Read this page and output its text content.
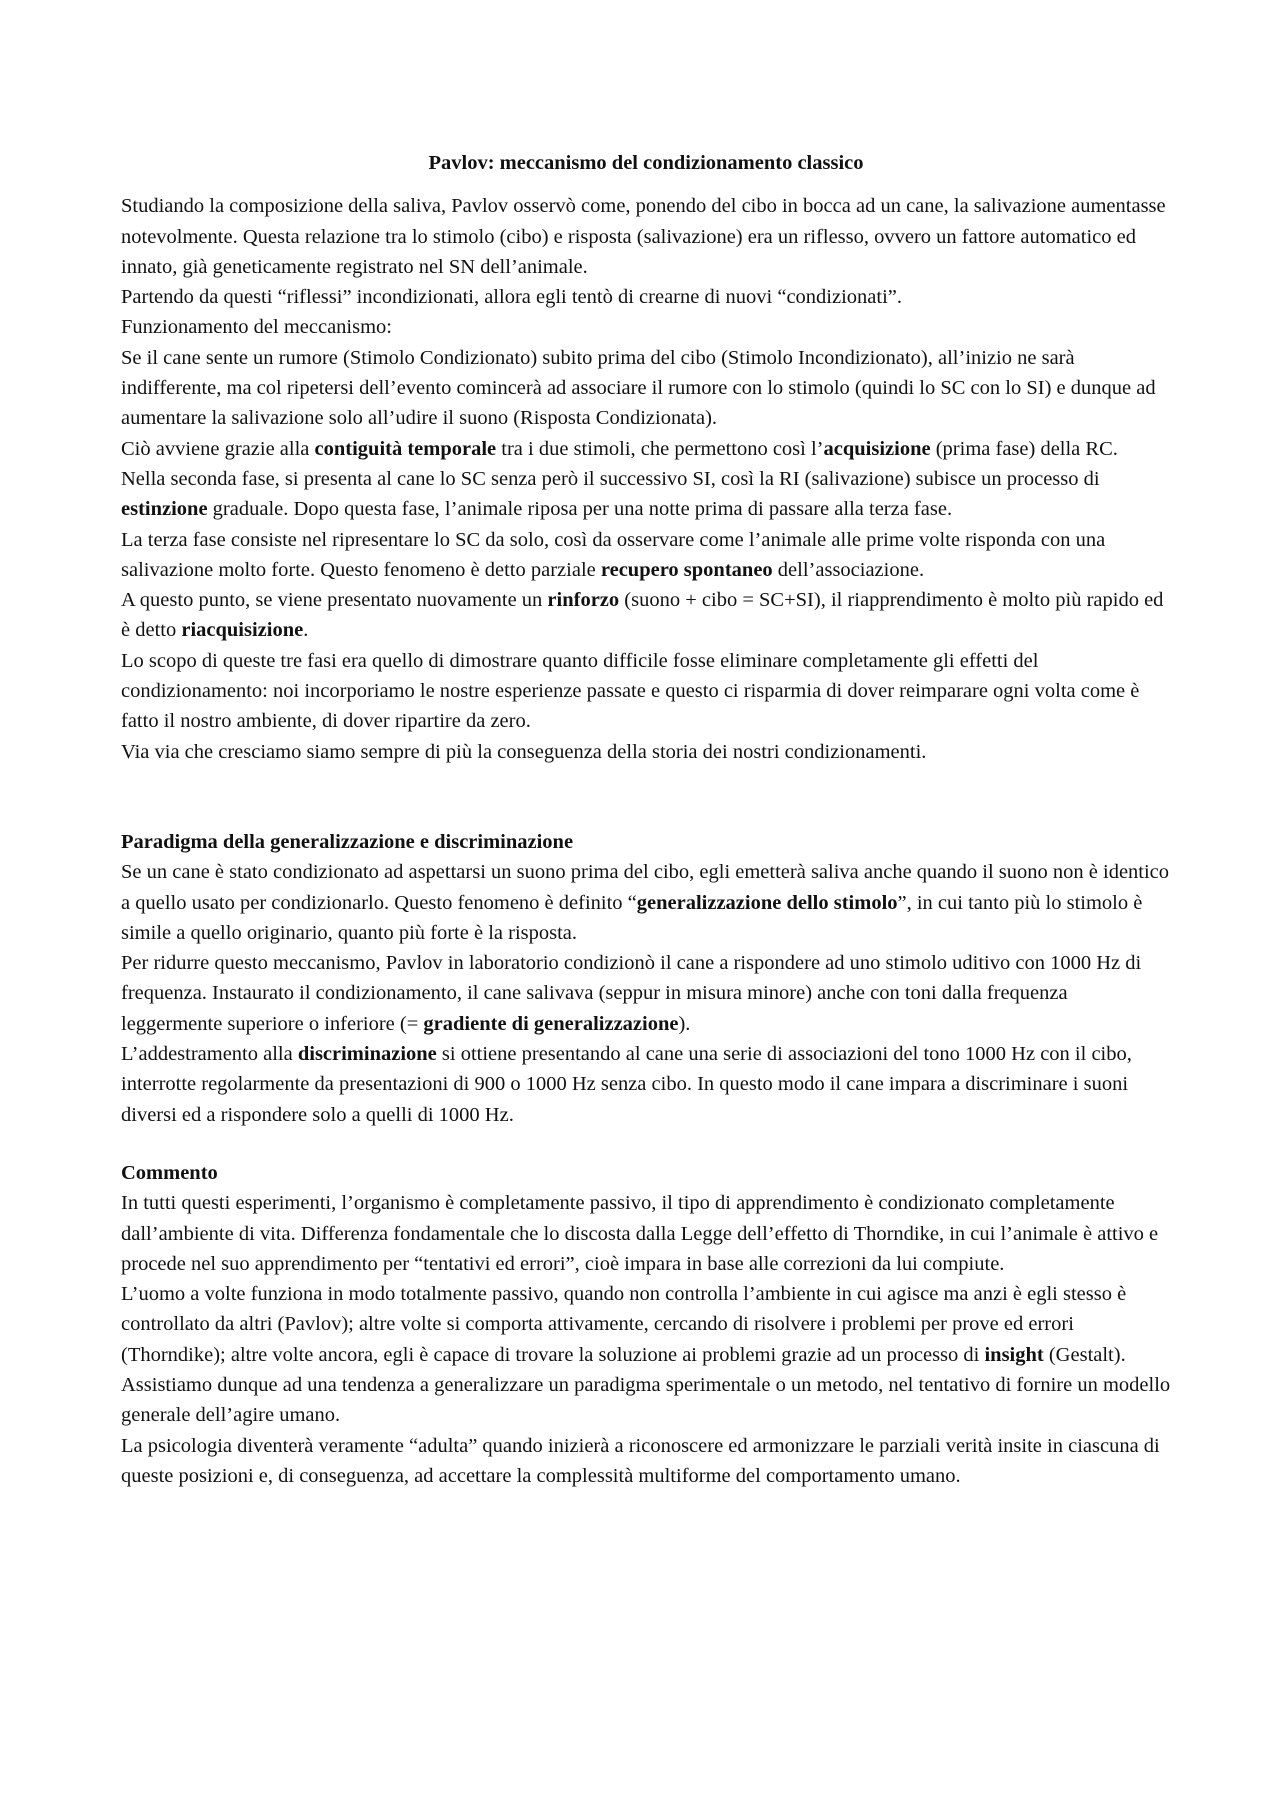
Pavlov: meccanismo del condizionamento classico

Studiando la composizione della saliva, Pavlov osservò come, ponendo del cibo in bocca ad un cane, la salivazione aumentasse notevolmente. Questa relazione tra lo stimolo (cibo) e risposta (salivazione) era un riflesso, ovvero un fattore automatico ed innato, già geneticamente registrato nel SN dell’animale.

Partendo da questi “riflessi” incondizionati, allora egli tentò di crearne di nuovi “condizionati”.

Funzionamento del meccanismo:

Se il cane sente un rumore (Stimolo Condizionato) subito prima del cibo (Stimolo Incondizionato), all’inizio ne sarà indifferente, ma col ripetersi dell’evento comincerà ad associare il rumore con lo stimolo (quindi lo SC con lo SI) e dunque ad aumentare la salivazione solo all’udire il suono (Risposta Condizionata).

Ciò avviene grazie alla contiguità temporale tra i due stimoli, che permettono così l’acquisizione (prima fase) della RC.

Nella seconda fase, si presenta al cane lo SC senza però il successivo SI, così la RI (salivazione) subisce un processo di estinzione graduale. Dopo questa fase, l’animale riposa per una notte prima di passare alla terza fase.

La terza fase consiste nel ripresentare lo SC da solo, così da osservare come l’animale alle prime volte risponda con una salivazione molto forte. Questo fenomeno è detto parziale recupero spontaneo dell’associazione.

A questo punto, se viene presentato nuovamente un rinforzo (suono + cibo = SC+SI), il riapprendimento è molto più rapido ed è detto riacquisizione.

Lo scopo di queste tre fasi era quello di dimostrare quanto difficile fosse eliminare completamente gli effetti del condizionamento: noi incorporiamo le nostre esperienze passate e questo ci risparmia di dover reimparare ogni volta come è fatto il nostro ambiente, di dover ripartire da zero.

Via via che cresciamo siamo sempre di più la conseguenza della storia dei nostri condizionamenti.

Paradigma della generalizzazione e discriminazione

Se un cane è stato condizionato ad aspettarsi un suono prima del cibo, egli emetterà saliva anche quando il suono non è identico a quello usato per condizionarlo. Questo fenomeno è definito “generalizzazione dello stimolo”, in cui tanto più lo stimolo è simile a quello originario, quanto più forte è la risposta.

Per ridurre questo meccanismo, Pavlov in laboratorio condizionò il cane a rispondere ad uno stimolo uditivo con 1000 Hz di frequenza. Instaurato il condizionamento, il cane salivava (seppur in misura minore) anche con toni dalla frequenza leggermente superiore o inferiore (= gradiente di generalizzazione).

L’addestramento alla discriminazione si ottiene presentando al cane una serie di associazioni del tono 1000 Hz con il cibo, interrotte regolarmente da presentazioni di 900 o 1000 Hz senza cibo. In questo modo il cane impara a discriminare i suoni diversi ed a rispondere solo a quelli di 1000 Hz.

Commento

In tutti questi esperimenti, l’organismo è completamente passivo, il tipo di apprendimento è condizionato completamente dall’ambiente di vita. Differenza fondamentale che lo discosta dalla Legge dell’effetto di Thorndike, in cui l’animale è attivo e procede nel suo apprendimento per “tentativi ed errori”, cioè impara in base alle correzioni da lui compiute.

L’uomo a volte funziona in modo totalmente passivo, quando non controlla l’ambiente in cui agisce ma anzi è egli stesso è controllato da altri (Pavlov); altre volte si comporta attivamente, cercando di risolvere i problemi per prove ed errori (Thorndike); altre volte ancora, egli è capace di trovare la soluzione ai problemi grazie ad un processo di insight (Gestalt).

Assistiamo dunque ad una tendenza a generalizzare un paradigma sperimentale o un metodo, nel tentativo di fornire un modello generale dell’agire umano.

La psicologia diventerà veramente “adulta” quando inizierà a riconoscere ed armonizzare le parziali verità insite in ciascuna di queste posizioni e, di conseguenza, ad accettare la complessità multiforme del comportamento umano.
